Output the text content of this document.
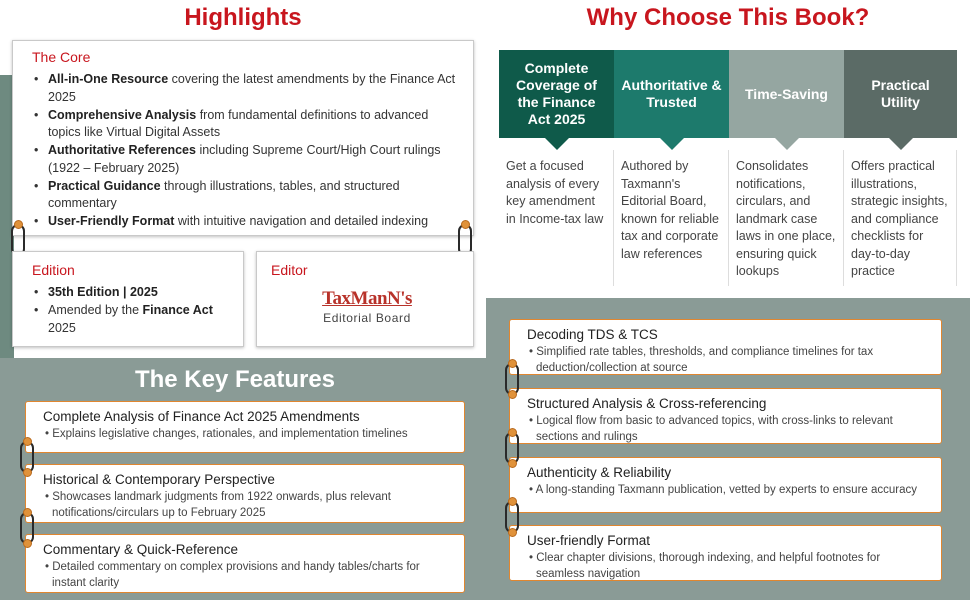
Highlights
The Core
• All-in-One Resource covering the latest amendments by the Finance Act 2025
• Comprehensive Analysis from fundamental definitions to advanced topics like Virtual Digital Assets
• Authoritative References including Supreme Court/High Court rulings (1922 – February 2025)
• Practical Guidance through illustrations, tables, and structured commentary
• User-Friendly Format with intuitive navigation and detailed indexing
Edition
• 35th Edition | 2025
• Amended by the Finance Act 2025
Editor
TaxManN's
Editorial Board
Why Choose This Book?
Complete Coverage of the Finance Act 2025
Get a focused analysis of every key amendment in Income-tax law
Authoritative & Trusted
Authored by Taxmann's Editorial Board, known for reliable tax and corporate law references
Time-Saving
Consolidates notifications, circulars, and landmark case laws in one place, ensuring quick lookups
Practical Utility
Offers practical illustrations, strategic insights, and compliance checklists for day-to-day practice
The Key Features
Complete Analysis of Finance Act 2025 Amendments
• Explains legislative changes, rationales, and implementation timelines
Historical & Contemporary Perspective
• Showcases landmark judgments from 1922 onwards, plus relevant notifications/circulars up to February 2025
Commentary & Quick-Reference
• Detailed commentary on complex provisions and handy tables/charts for instant clarity
Decoding TDS & TCS
• Simplified rate tables, thresholds, and compliance timelines for tax deduction/collection at source
Structured Analysis & Cross-referencing
• Logical flow from basic to advanced topics, with cross-links to relevant sections and rulings
Authenticity & Reliability
• A long-standing Taxmann publication, vetted by experts to ensure accuracy
User-friendly Format
• Clear chapter divisions, thorough indexing, and helpful footnotes for seamless navigation
